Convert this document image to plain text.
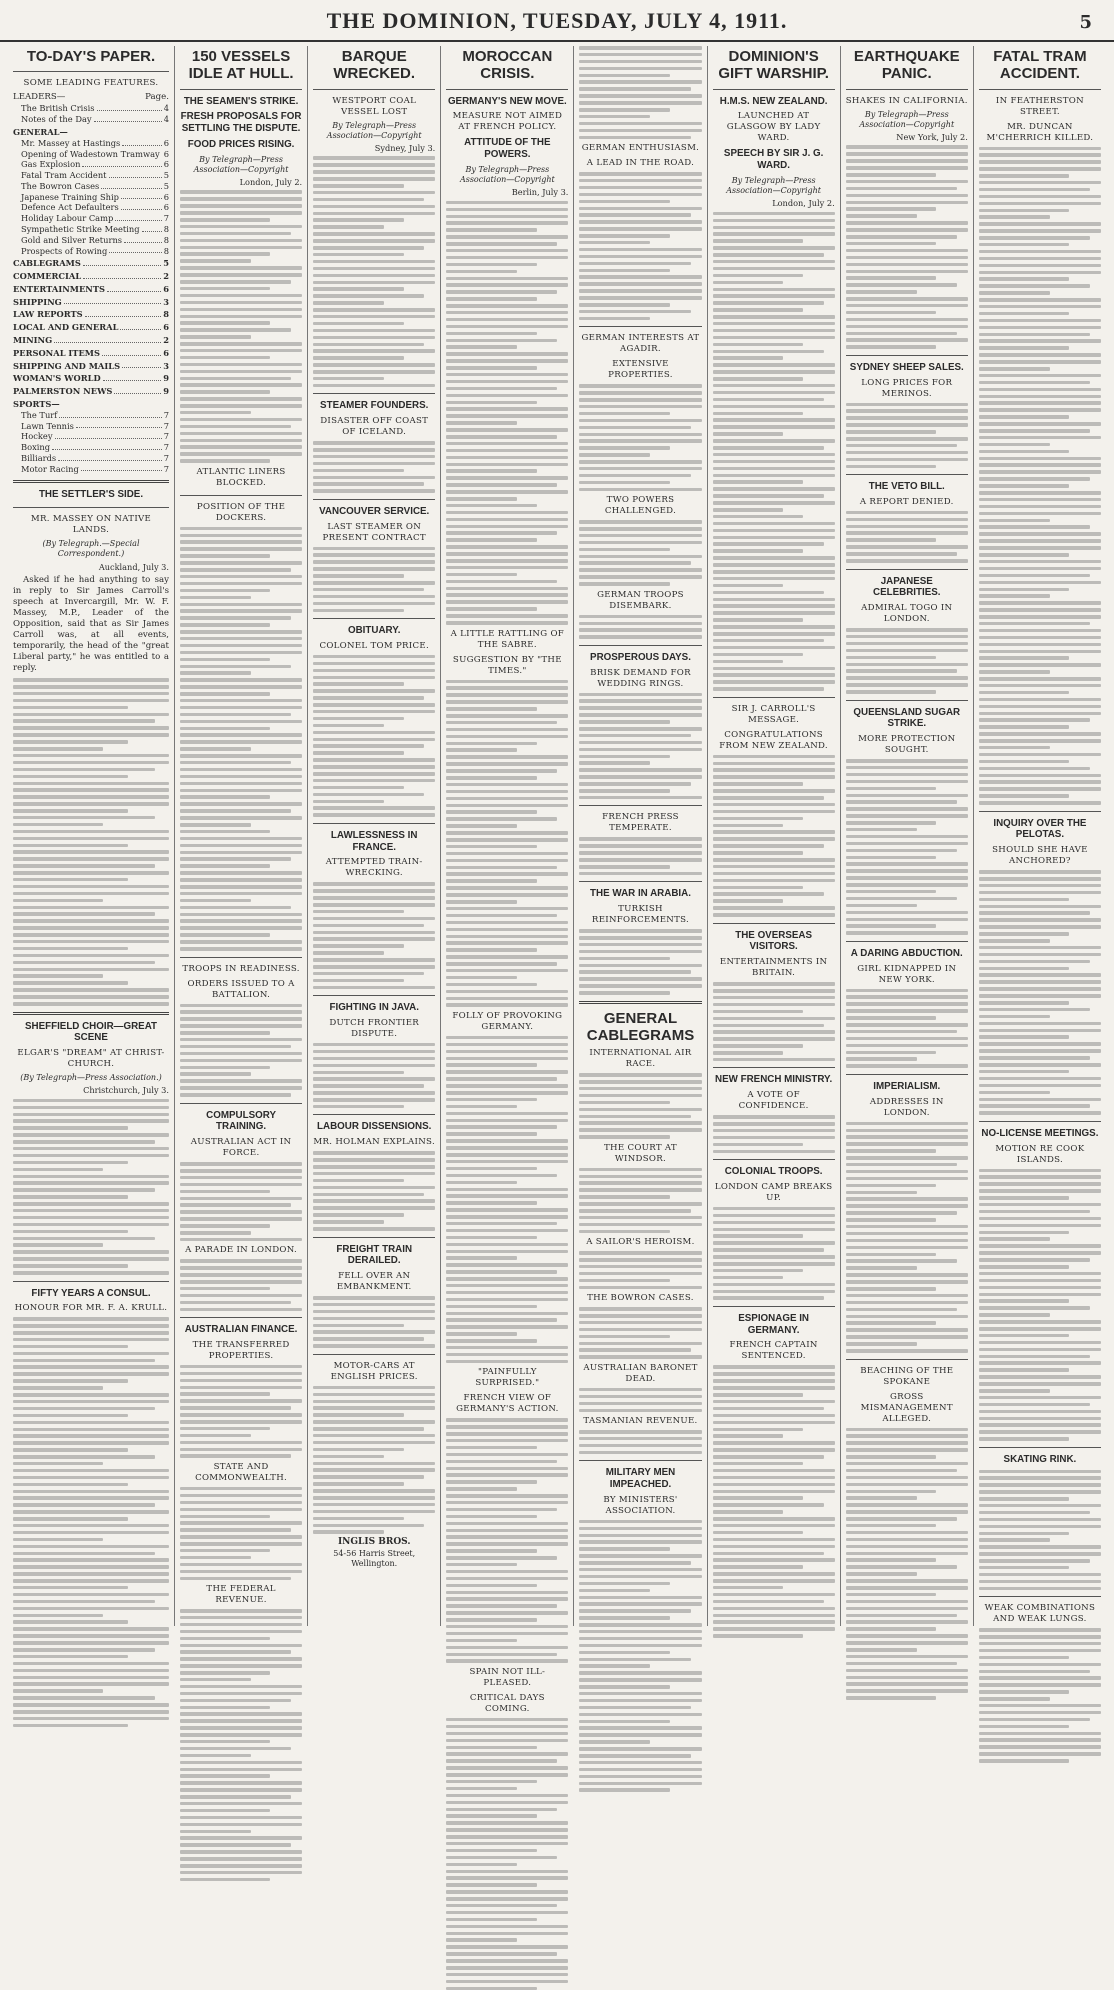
THE DOMINION, TUESDAY, JULY 4, 1911.	5
TO-DAY'S PAPER.
SOME LEADING FEATURES.
LEADERS—	Page.
The British Crisis	4
Notes of the Day	4
GENERAL—
Mr. Massey at Hastings	6
Opening of Wadestown Tramway 6
Gas Explosion	6
Fatal Tram Accident	5
The Bowron Cases	5
Japanese Training Ship	6
Defence Act Defaulters	6
Holiday Labour Camp	7
Sympathetic Strike Meeting	8
Gold and Silver Returns	8
Prospects of Rowing	8
CABLEGRAMS	5
COMMERCIAL	2
ENTERTAINMENTS	6
SHIPPING	3
LAW REPORTS	8
LOCAL AND GENERAL	6
MINING	2
PERSONAL ITEMS	6
SHIPPING AND MAILS	3
WOMAN'S WORLD	9
PALMERSTON NEWS	9
SPORTS—
The Turf	7
Lawn Tennis	7
Hockey	7
Boxing	7
Billiards	7
Motor Racing	7
THE SETTLER'S SIDE.
MR. MASSEY ON NATIVE LANDS.
(By Telegraph.—Special Correspondent.)
Auckland, July 3.

Asked if he had anything to say in reply to Sir James Carroll's speech at Invercargill, Mr. W. F. Massey, M.P., Leader of the Opposition, said that as Sir James Carroll was, at all events, temporarily, the head of the "great Liberal party," he was entitled to a reply.

SHEFFIELD CHOIR—GREAT SCENE
ELGAR'S "DREAM" AT CHRIST-CHURCH.
(By Telegraph—Press Association.)
Christchurch, July 3.
FIFTY YEARS A CONSUL.
HONOUR FOR MR. F. A. KRULL.
150 VESSELS IDLE AT HULL.
THE SEAMEN'S STRIKE.
FRESH PROPOSALS FOR SETTLING THE DISPUTE.
FOOD PRICES RISING.
By Telegraph—Press Association—Copyright
London, July 2.
ATLANTIC LINERS BLOCKED.
POSITION OF THE DOCKERS.
TROOPS IN READINESS.
ORDERS ISSUED TO A BATTALION.
COMPULSORY TRAINING.
AUSTRALIAN ACT IN FORCE.
A PARADE IN LONDON.
AUSTRALIAN FINANCE.
THE TRANSFERRED PROPERTIES.
STATE AND COMMONWEALTH.
THE FEDERAL REVENUE.
BARQUE WRECKED.
WESTPORT COAL VESSEL LOST
By Telegraph—Press Association—Copyright
Sydney, July 3.
STEAMER FOUNDERS.
DISASTER OFF COAST OF ICELAND.
VANCOUVER SERVICE.
LAST STEAMER ON PRESENT CONTRACT
OBITUARY.
COLONEL TOM PRICE.
LAWLESSNESS IN FRANCE.
ATTEMPTED TRAIN-WRECKING.
FIGHTING IN JAVA.
DUTCH FRONTIER DISPUTE.
LABOUR DISSENSIONS.
MR. HOLMAN EXPLAINS.
FREIGHT TRAIN DERAILED.
FELL OVER AN EMBANKMENT.
MOTOR-CARS AT ENGLISH PRICES.
INGLIS BROS.
54-56 Harris Street, Wellington.
MOROCCAN CRISIS.
GERMANY'S NEW MOVE.
MEASURE NOT AIMED AT FRENCH POLICY.
ATTITUDE OF THE POWERS.
By Telegraph—Press Association—Copyright
Berlin, July 3.
A LITTLE RATTLING OF THE SABRE.
SUGGESTION BY "THE TIMES."
FOLLY OF PROVOKING GERMANY.
"PAINFULLY SURPRISED."
FRENCH VIEW OF GERMANY'S ACTION.
SPAIN NOT ILL-PLEASED.
CRITICAL DAYS COMING.
GERMAN ENTHUSIASM.
A LEAD IN THE ROAD.
GERMAN INTERESTS AT AGADIR.
EXTENSIVE PROPERTIES.
TWO POWERS CHALLENGED.
GERMAN TROOPS DISEMBARK.
PROSPEROUS DAYS.
BRISK DEMAND FOR WEDDING RINGS.
FRENCH PRESS TEMPERATE.
THE WAR IN ARABIA.
TURKISH REINFORCEMENTS.
GENERAL CABLEGRAMS
INTERNATIONAL AIR RACE.
THE COURT AT WINDSOR.
A SAILOR'S HEROISM.
THE BOWRON CASES.
AUSTRALIAN BARONET DEAD.
TASMANIAN REVENUE.
MILITARY MEN IMPEACHED.
BY MINISTERS' ASSOCIATION.
DOMINION'S GIFT WARSHIP.
H.M.S. NEW ZEALAND.
LAUNCHED AT GLASGOW BY LADY WARD.
SPEECH BY SIR J. G. WARD.
By Telegraph—Press Association—Copyright
London, July 2.
SIR J. CARROLL'S MESSAGE.
CONGRATULATIONS FROM NEW ZEALAND.
THE OVERSEAS VISITORS.
ENTERTAINMENTS IN BRITAIN.
NEW FRENCH MINISTRY.
A VOTE OF CONFIDENCE.
COLONIAL TROOPS.
LONDON CAMP BREAKS UP.
ESPIONAGE IN GERMANY.
FRENCH CAPTAIN SENTENCED.
EARTHQUAKE PANIC.
SHAKES IN CALIFORNIA.
By Telegraph—Press Association—Copyright
New York, July 2.
SYDNEY SHEEP SALES.
LONG PRICES FOR MERINOS.
THE VETO BILL.
A REPORT DENIED.
JAPANESE CELEBRITIES.
ADMIRAL TOGO IN LONDON.
QUEENSLAND SUGAR STRIKE.
MORE PROTECTION SOUGHT.
A DARING ABDUCTION.
GIRL KIDNAPPED IN NEW YORK.
IMPERIALISM.
ADDRESSES IN LONDON.
BEACHING OF THE SPOKANE
GROSS MISMANAGEMENT ALLEGED.
FATAL TRAM ACCIDENT.
IN FEATHERSTON STREET.
MR. DUNCAN M'CHERRICH KILLED.
INQUIRY OVER THE PELOTAS.
SHOULD SHE HAVE ANCHORED?
NO-LICENSE MEETINGS.
MOTION RE COOK ISLANDS.
SKATING RINK.
WEAK COMBINATIONS AND WEAK LUNGS.
